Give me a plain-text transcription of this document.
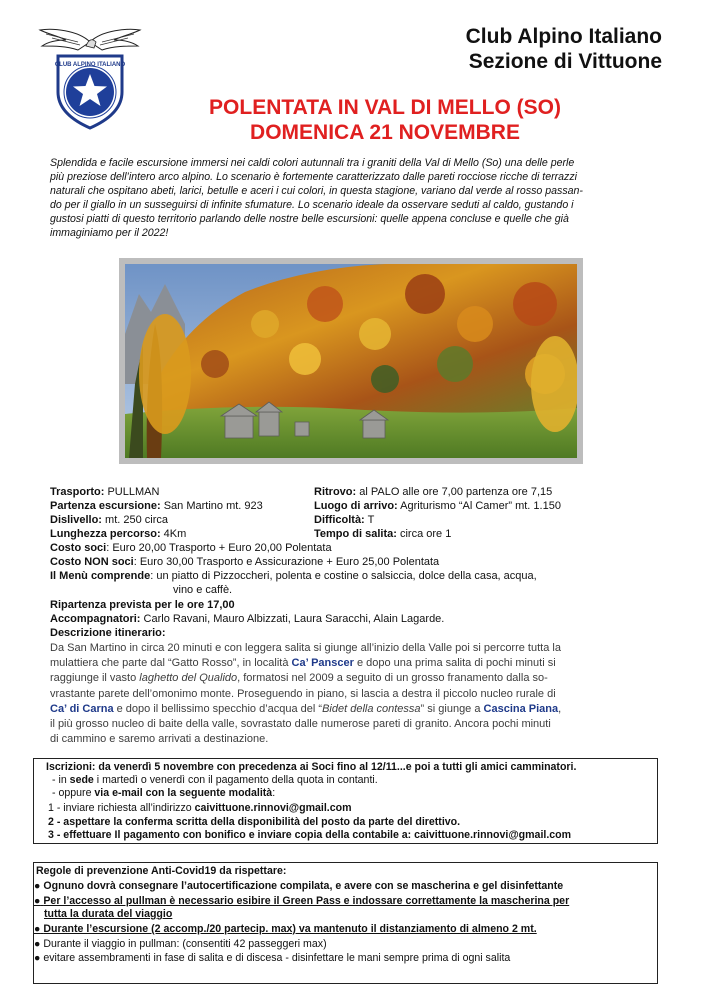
CLUB ALPINO ITALIANO
Club Alpino Italiano
Sezione di Vittuone
POLENTATA IN VAL DI MELLO (SO)
DOMENICA 21 NOVEMBRE
Splendida e facile escursione immersi nei caldi colori autunnali tra i graniti della Val di Mello (So) una delle perle
più preziose dell’intero arco alpino. Lo scenario è fortemente caratterizzato dalle pareti rocciose ricche di terrazzi
naturali che ospitano abeti, larici, betulle e aceri i cui colori, in questa stagione, variano dal verde al rosso passan-
do per il giallo in un susseguirsi di infinite sfumature. Lo scenario ideale da osservare seduti al caldo, gustando i
gustosi piatti di questo territorio parlando delle nostre belle escursioni: quelle appena concluse e quelle che già
immaginiamo per il 2022!
Trasporto: PULLMAN	Ritrovo: al PALO alle ore 7,00 partenza ore 7,15
Partenza escursione: San Martino mt. 923	Luogo di arrivo: Agriturismo “Al Camer” mt. 1.150
Dislivello: mt. 250 circa	Difficoltà: T
Lunghezza percorso: 4Km	Tempo di salita: circa ore 1
Costo soci: Euro 20,00 Trasporto + Euro 20,00 Polentata
Costo NON soci: Euro 30,00 Trasporto e Assicurazione + Euro 25,00 Polentata
Il Menù comprende: un piatto di Pizzoccheri, polenta e costine o salsiccia, dolce della casa, acqua,
vino e caffè.
Ripartenza prevista per le ore 17,00
Accompagnatori: Carlo Ravani, Mauro Albizzati, Laura Saracchi, Alain Lagarde.
Descrizione itinerario:
Da San Martino in circa 20 minuti e con leggera salita si giunge all’inizio della Valle poi si percorre tutta la
mulattiera che parte dal “Gatto Rosso”, in località Ca’ Panscer e dopo una prima salita di pochi minuti si
raggiunge il vasto laghetto del Qualido, formatosi nel 2009 a seguito di un grosso franamento dalla so-
vrastante parete dell’omonimo monte. Proseguendo in piano, si lascia a destra il piccolo nucleo rurale di
Ca’ di Carna e dopo il bellissimo specchio d’acqua del “Bidet della contessa” si giunge a Cascina Piana,
il più grosso nucleo di baite della valle, sovrastato dalle numerose pareti di granito. Ancora pochi minuti
di cammino e saremo arrivati a destinazione.
Iscrizioni: da venerdì 5 novembre con precedenza ai Soci fino al 12/11...e poi a tutti gli amici camminatori.
- in sede i martedì o venerdì con il pagamento della quota in contanti.
- oppure via e-mail con la seguente modalità:
1 - inviare richiesta all’indirizzo caivittuone.rinnovi@gmail.com
2 - aspettare la conferma scritta della disponibilità del posto da parte del direttivo.
3 - effettuare Il pagamento con bonifico e inviare copia della contabile a: caivittuone.rinnovi@gmail.com
Regole di prevenzione Anti-Covid19 da rispettare:
● Ognuno dovrà consegnare l’autocertificazione compilata, e avere con se mascherina e gel disinfettante
● Per l’accesso al pullman è necessario esibire il Green Pass e indossare correttamente la mascherina per
tutta la durata del viaggio
● Durante l’escursione (2 accomp./20 partecip. max) va mantenuto il distanziamento di almeno 2 mt.
● Durante il viaggio in pullman: (consentiti 42 passeggeri max)
● evitare assembramenti in fase di salita e di discesa - disinfettare le mani sempre prima di ogni salita
